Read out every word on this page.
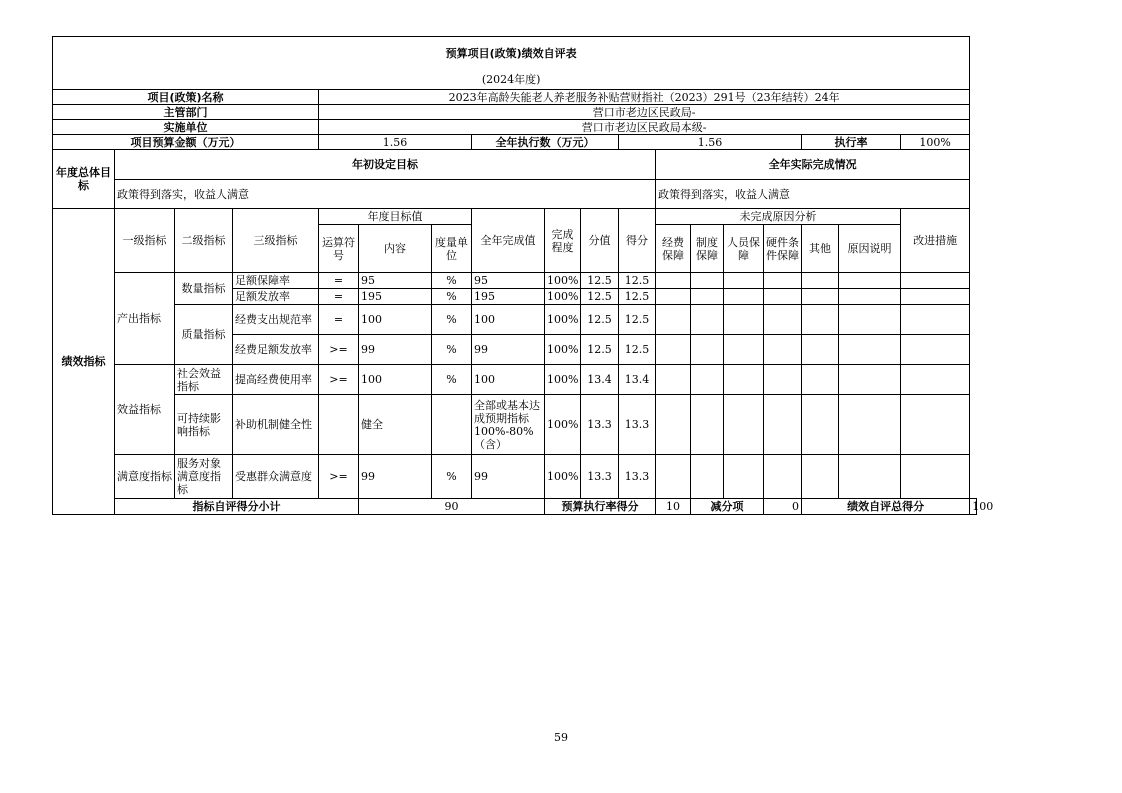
预算项目(政策)绩效自评表																		
(2024年度)																		
项目(政策)名称				2023年高龄失能老人养老服务补贴营财指社（2023）291号（23年结转）24年														
主管部门				营口市老边区民政局-														
实施单位				营口市老边区民政局本级-														
项目预算金额（万元）				1.56			全年执行数（万元）			1.56					执行率		100%	
年度总体目标	年初设定目标										全年实际完成情况							
	政策得到落实，收益人满意										政策得到落实，收益人满意							
绩效指标	一级指标	二级指标	三级指标	年度目标值			全年完成值	完成程度	分值	得分	未完成原因分析						改进措施	
				运算符号	内容	度量单位					经费保障	制度保障	人员保障	硬件条件保障	其他	原因说明		
	产出指标	数量指标	足额保障率	=	95	%	95	100%	12.5	12.5								
			足额发放率	=	195	%	195	100%	12.5	12.5								
		质量指标	经费支出规范率	=	100	%	100	100%	12.5	12.5								
			经费足额发放率	>=	99	%	99	100%	12.5	12.5								
	效益指标	社会效益指标	提高经费使用率	>=	100	%	100	100%	13.4	13.4								
		可持续影响指标	补助机制健全性		健全		全部或基本达成预期指标100%-80%（含）	100%	13.3	13.3								
	满意度指标	服务对象满意度指标	受惠群众满意度	>=	99	%	99	100%	13.3	13.3								
	指标自评得分小计				90			预算执行率得分			10	减分项		0	绩效自评总得分			100
59
